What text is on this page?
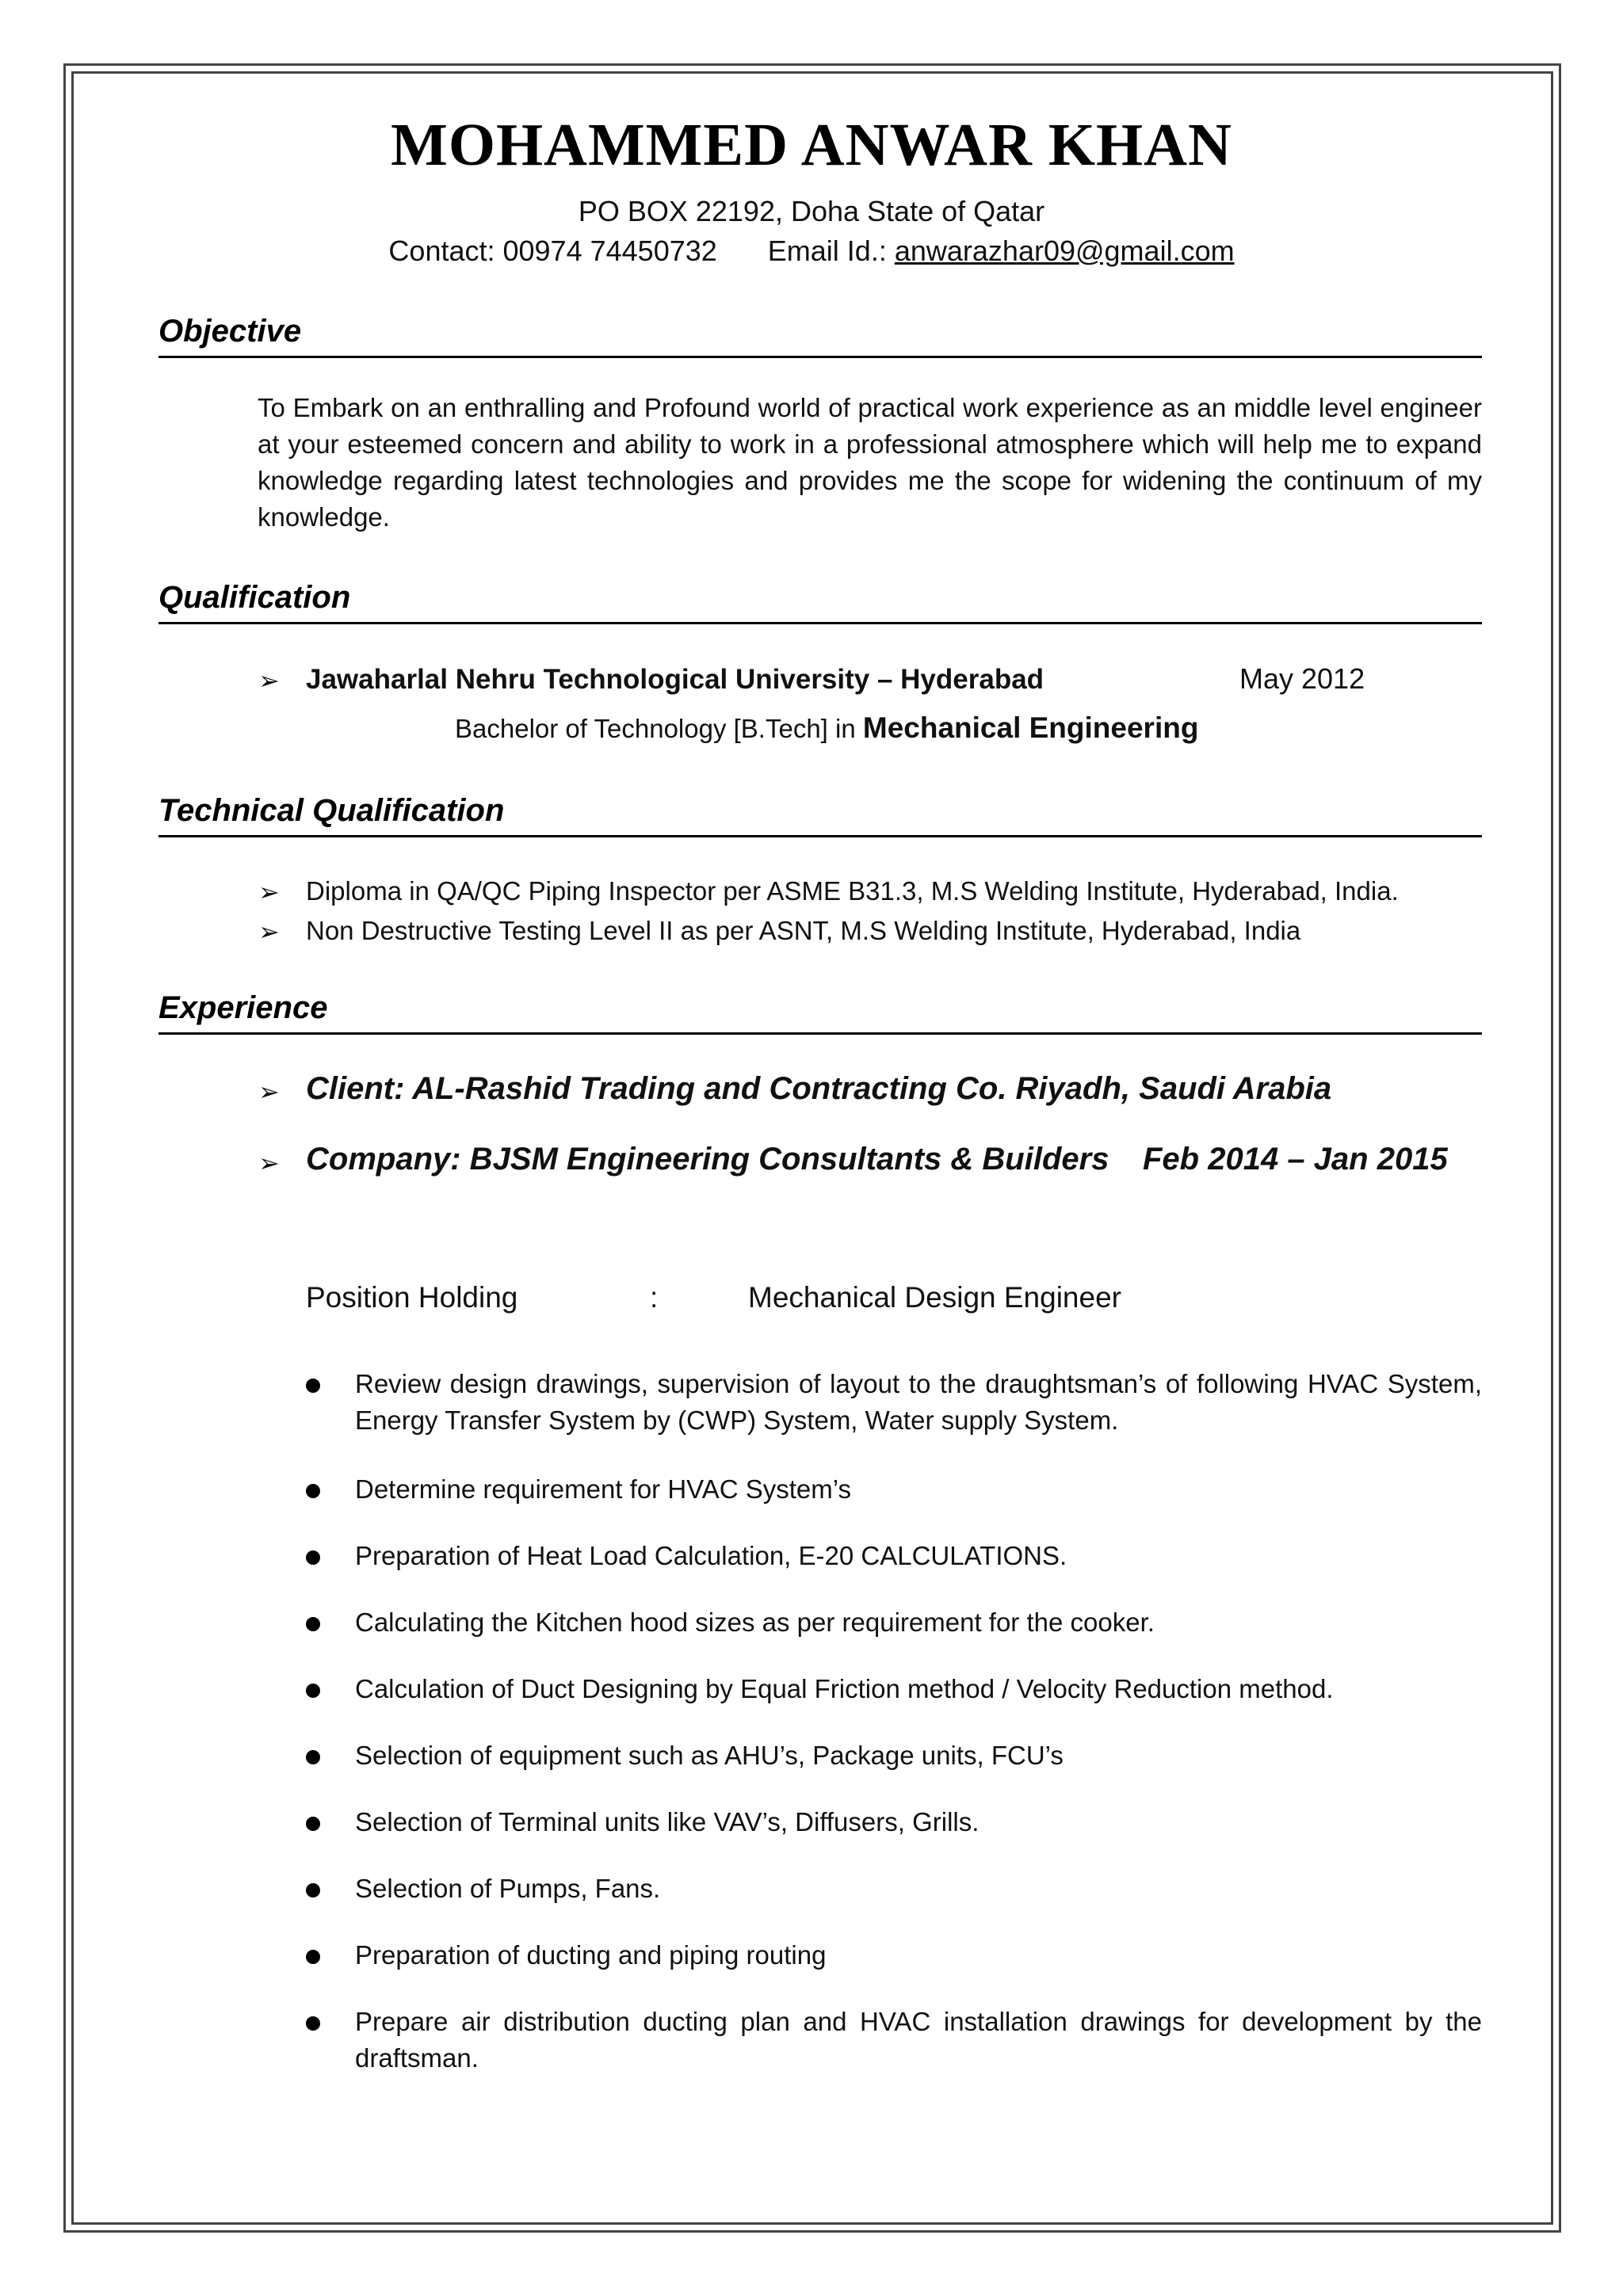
MOHAMMED ANWAR KHAN
PO BOX 22192, Doha State of Qatar
Contact: 00974 74450732 Email Id.: anwarazhar09@gmail.com
Objective
To Embark on an enthralling and Profound world of practical work experience as an middle level engineer at your esteemed concern and ability to work in a professional atmosphere which will help me to expand knowledge regarding latest technologies and provides me the scope for widening the continuum of my knowledge.
Qualification
➢ Jawaharlal Nehru Technological University – Hyderabad	May 2012
Bachelor of Technology [B.Tech] in Mechanical Engineering
Technical Qualification
➢ Diploma in QA/QC Piping Inspector per ASME B31.3, M.S Welding Institute, Hyderabad, India.
➢ Non Destructive Testing Level II as per ASNT, M.S Welding Institute, Hyderabad, India
Experience
➢ Client: AL-Rashid Trading and Contracting Co. Riyadh, Saudi Arabia
➢ Company: BJSM Engineering Consultants & Builders Feb 2014 – Jan 2015
Position Holding	:	Mechanical Design Engineer
Review design drawings, supervision of layout to the draughtsman’s of following HVAC System, Energy Transfer System by (CWP) System, Water supply System.
Determine requirement for HVAC System’s
Preparation of Heat Load Calculation, E-20 CALCULATIONS.
Calculating the Kitchen hood sizes as per requirement for the cooker.
Calculation of Duct Designing by Equal Friction method / Velocity Reduction method.
Selection of equipment such as AHU’s, Package units, FCU’s
Selection of Terminal units like VAV’s, Diffusers, Grills.
Selection of Pumps, Fans.
Preparation of ducting and piping routing
Prepare air distribution ducting plan and HVAC installation drawings for development by the draftsman.
